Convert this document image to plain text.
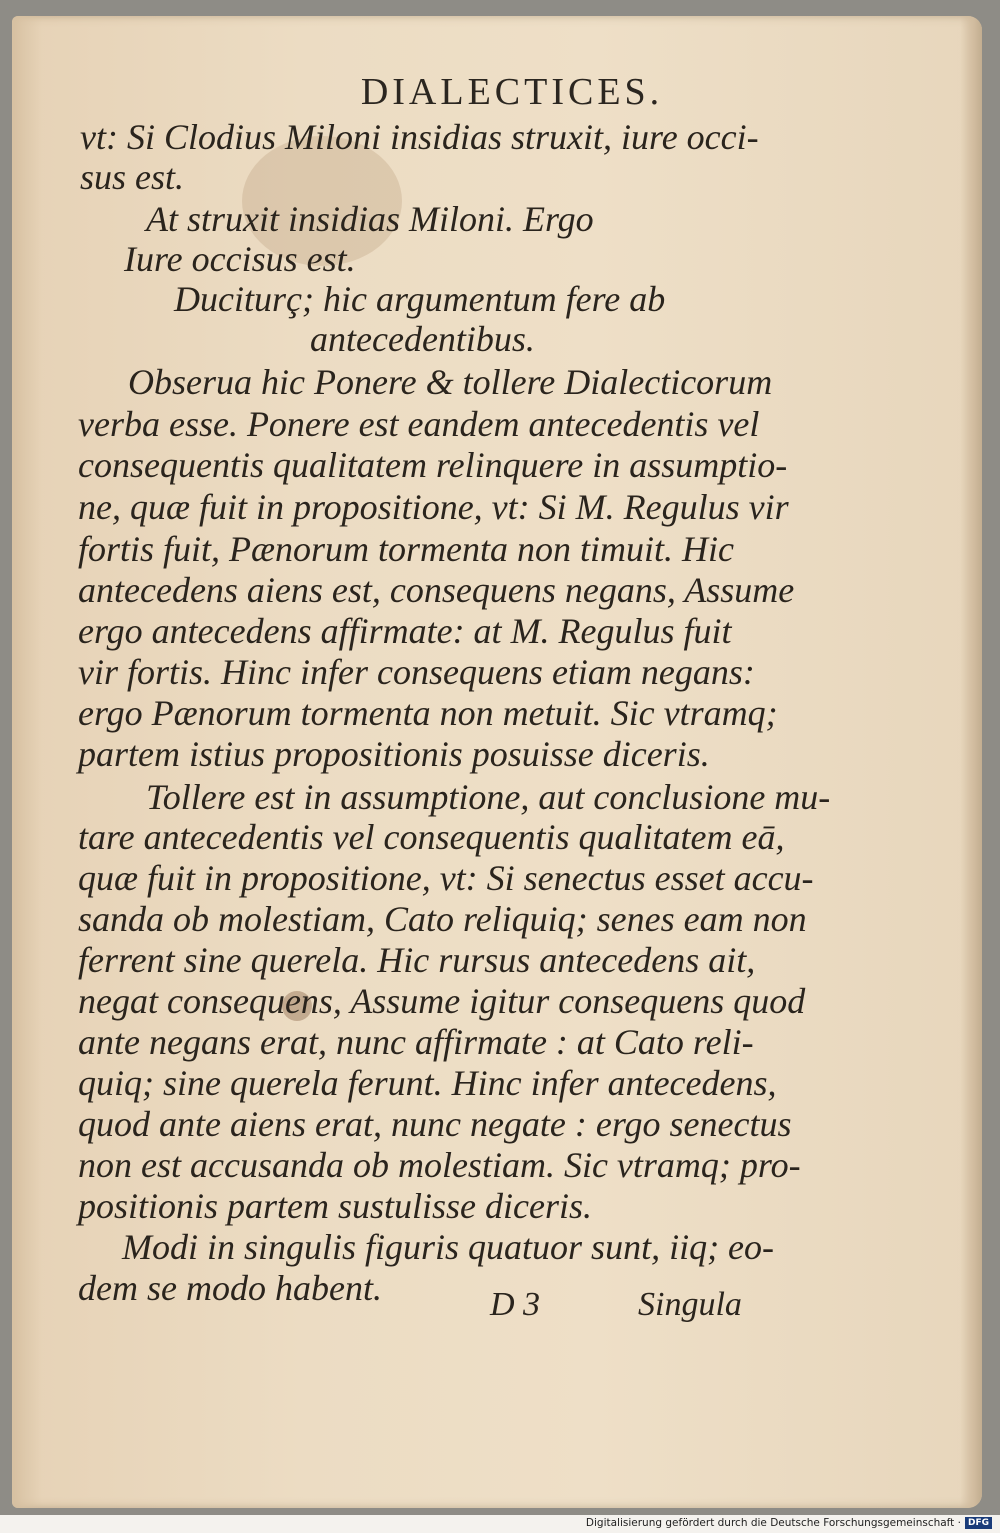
DIALECTICES.
vt: Si Clodius Miloni insidias struxit, iure occi-
sus est.
At struxit insidias Miloni. Ergo
Iure occisus est.
Duciturç; hic argumentum fere ab
antecedentibus.
Obserua hic Ponere & tollere Dialecticorum
verba esse. Ponere est eandem antecedentis vel
consequentis qualitatem relinquere in assumptio-
ne, quæ fuit in propositione, vt: Si M. Regulus vir
fortis fuit, Pænorum tormenta non timuit. Hic
antecedens aiens est, consequens negans, Assume
ergo antecedens affirmate: at M. Regulus fuit
vir fortis. Hinc infer consequens etiam negans:
ergo Pænorum tormenta non metuit. Sic vtramq;
partem istius propositionis posuisse diceris.
Tollere est in assumptione, aut conclusione mu-
tare antecedentis vel consequentis qualitatem eā,
quæ fuit in propositione, vt: Si senectus esset accu-
sanda ob molestiam, Cato reliquiq; senes eam non
ferrent sine querela. Hic rursus antecedens ait,
negat consequens, Assume igitur consequens quod
ante negans erat, nunc affirmate : at Cato reli-
quiq; sine querela ferunt. Hinc infer antecedens,
quod ante aiens erat, nunc negate : ergo senectus
non est accusanda ob molestiam. Sic vtramq; pro-
positionis partem sustulisse diceris.
Modi in singulis figuris quatuor sunt, iiq; eo-
dem se modo habent.	D 3	Singula
Digitalisierung gefördert durch die Deutsche Forschungsgemeinschaft · DFG
